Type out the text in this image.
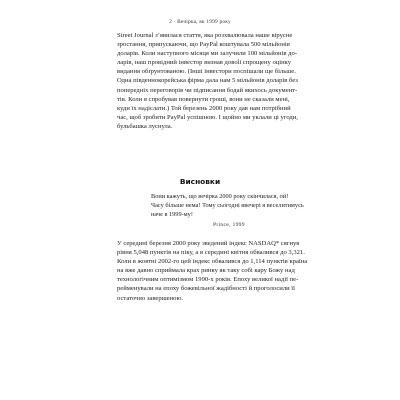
2 · Вечірка, як 1999 року
Street Journal з’явилася стаття, яка розхвалювала наше вірусне
зростання, припускаючи, що PayPal коштувала 500 мільйонів
доларів. Коли наступного місяця ми залучили 100 мільйонів до-
ларів, наш провідний інвестор визнав довolі спрощену оцінку
видання обґрунтованою. (Інші інвестори поспішали ще більше.
Одна південнокорейська фірма дала нам 5 мільйонів доларів без
попередніх переговорів чи підписання бодай якихось документ-
тів. Коли я спробував повернути гроші, вони не сказали мені,
куди їх надіслати.) Той березень 2000 року дав нам потрібний
час, щоб зробити PayPal успішною. І щойно ми уклали ці угоди,
бульбашка луснула.
Висновки
Вони кажуть, що вечірка 2000 року скінчилася, ой!
Часу більше нема! Тому сьогодні ввечері я веселитимусь
наче в 1999-му!
Prince, 1999
У середині березня 2000 року зведений індекс NASDAQ* сягнув
рівня 5,048 пунктів на піку, а в середині квітня обвалився до 3,321.
Коли в жовтні 2002-го цей індекс обвалився до 1,114 пунктів країна
на вже давно сприймала крах ринку як таку собі кару Божу над
технологічним оптимізмом 1990-х років. Епоху великої надії пе-
рейменували на епоху божевільної жадібності й проголосили її
остаточно завершеною.
